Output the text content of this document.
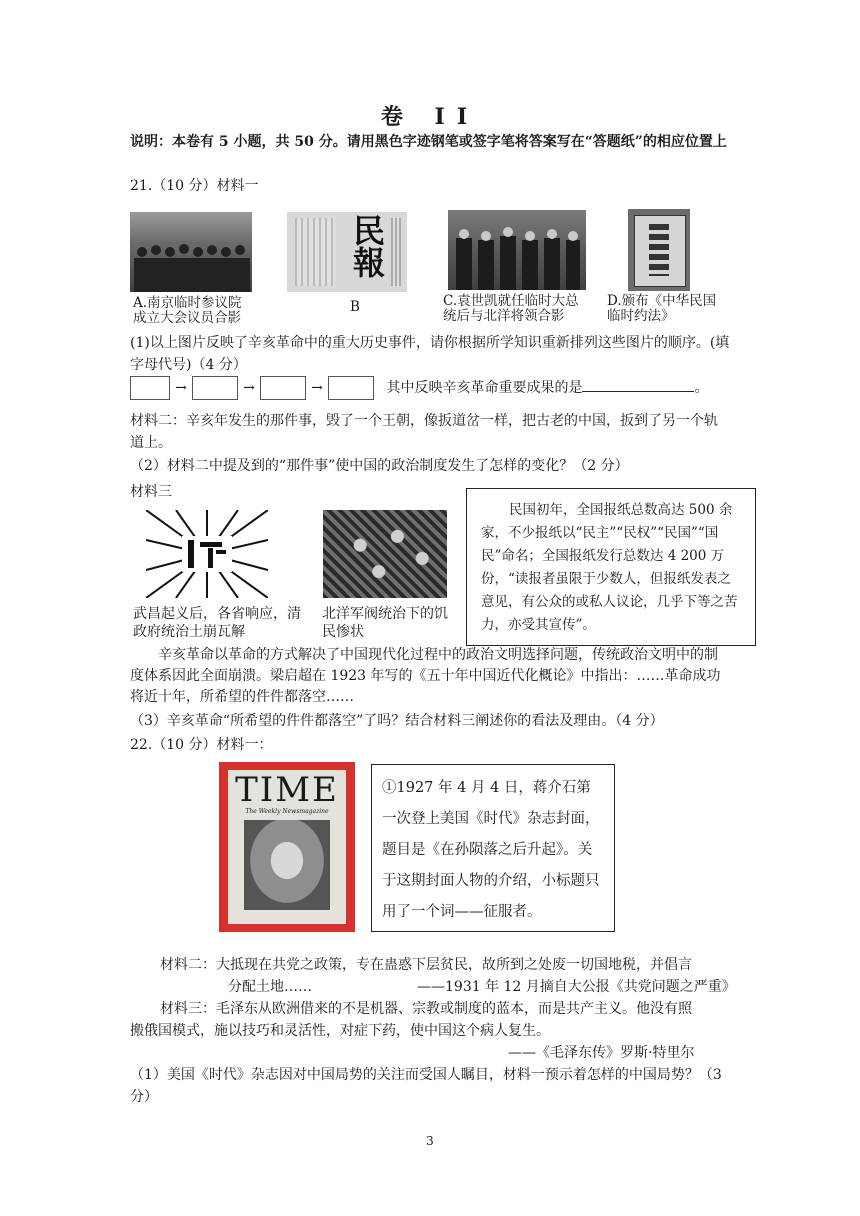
卷 II
说明：本卷有 5 小题，共 50 分。请用黑色字迹钢笔或签字笔将答案写在“答题纸”的相应位置上
21.（10 分）材料一
民報
A.南京临时参议院成立大会议员合影
B	C.袁世凯就任临时大总统后与北洋将领合影
D.颁布《中华民国临时约法》
(1)以上图片反映了辛亥革命中的重大历史事件，请你根据所学知识重新排列这些图片的顺序。(填字母代号)（4 分）
→	→	→	其中反映辛亥革命重要成果的是	。
材料二：辛亥年发生的那件事，毁了一个王朝，像扳道岔一样，把古老的中国，扳到了另一个轨道上。
（2）材料二中提及到的“那件事”使中国的政治制度发生了怎样的变化？（2 分）
材料三
武昌起义后，各省响应，清政府统治土崩瓦解
北洋军阀统治下的饥民惨状
民国初年，全国报纸总数高达 500 余家，不少报纸以“民主”“民权”“民国”“国民”命名；全国报纸发行总数达 4 200 万份，“读报者虽限于少数人，但报纸发表之意见，有公众的或私人议论，几乎下等之苦力，亦受其宣传”。
辛亥革命以革命的方式解决了中国现代化过程中的政治文明选择问题，传统政治文明中的制度体系因此全面崩溃。梁启超在 1923 年写的《五十年中国近代化概论》中指出：……革命成功将近十年，所希望的件件都落空……
（3）辛亥革命“所希望的件件都落空”了吗？结合材料三阐述你的看法及理由。（4 分）
22.（10 分）材料一：
TIME
The Weekly Newsmagazine
①1927 年 4 月 4 日，蒋介石第一次登上美国《时代》杂志封面，题目是《在孙陨落之后升起》。关于这期封面人物的介绍，小标题只用了一个词——征服者。
材料二：大抵现在共党之政策，专在蛊惑下层贫民，故所到之处废一切国地税，并倡言
分配土地……	——1931 年 12 月摘自大公报《共党问题之严重》
材料三：毛泽东从欧洲借来的不是机器、宗教或制度的蓝本，而是共产主义。他没有照
搬俄国模式，施以技巧和灵活性，对症下药，使中国这个病人复生。
——《毛泽东传》罗斯·特里尔
（1）美国《时代》杂志因对中国局势的关注而受国人瞩目，材料一预示着怎样的中国局势？（3 分）
3
